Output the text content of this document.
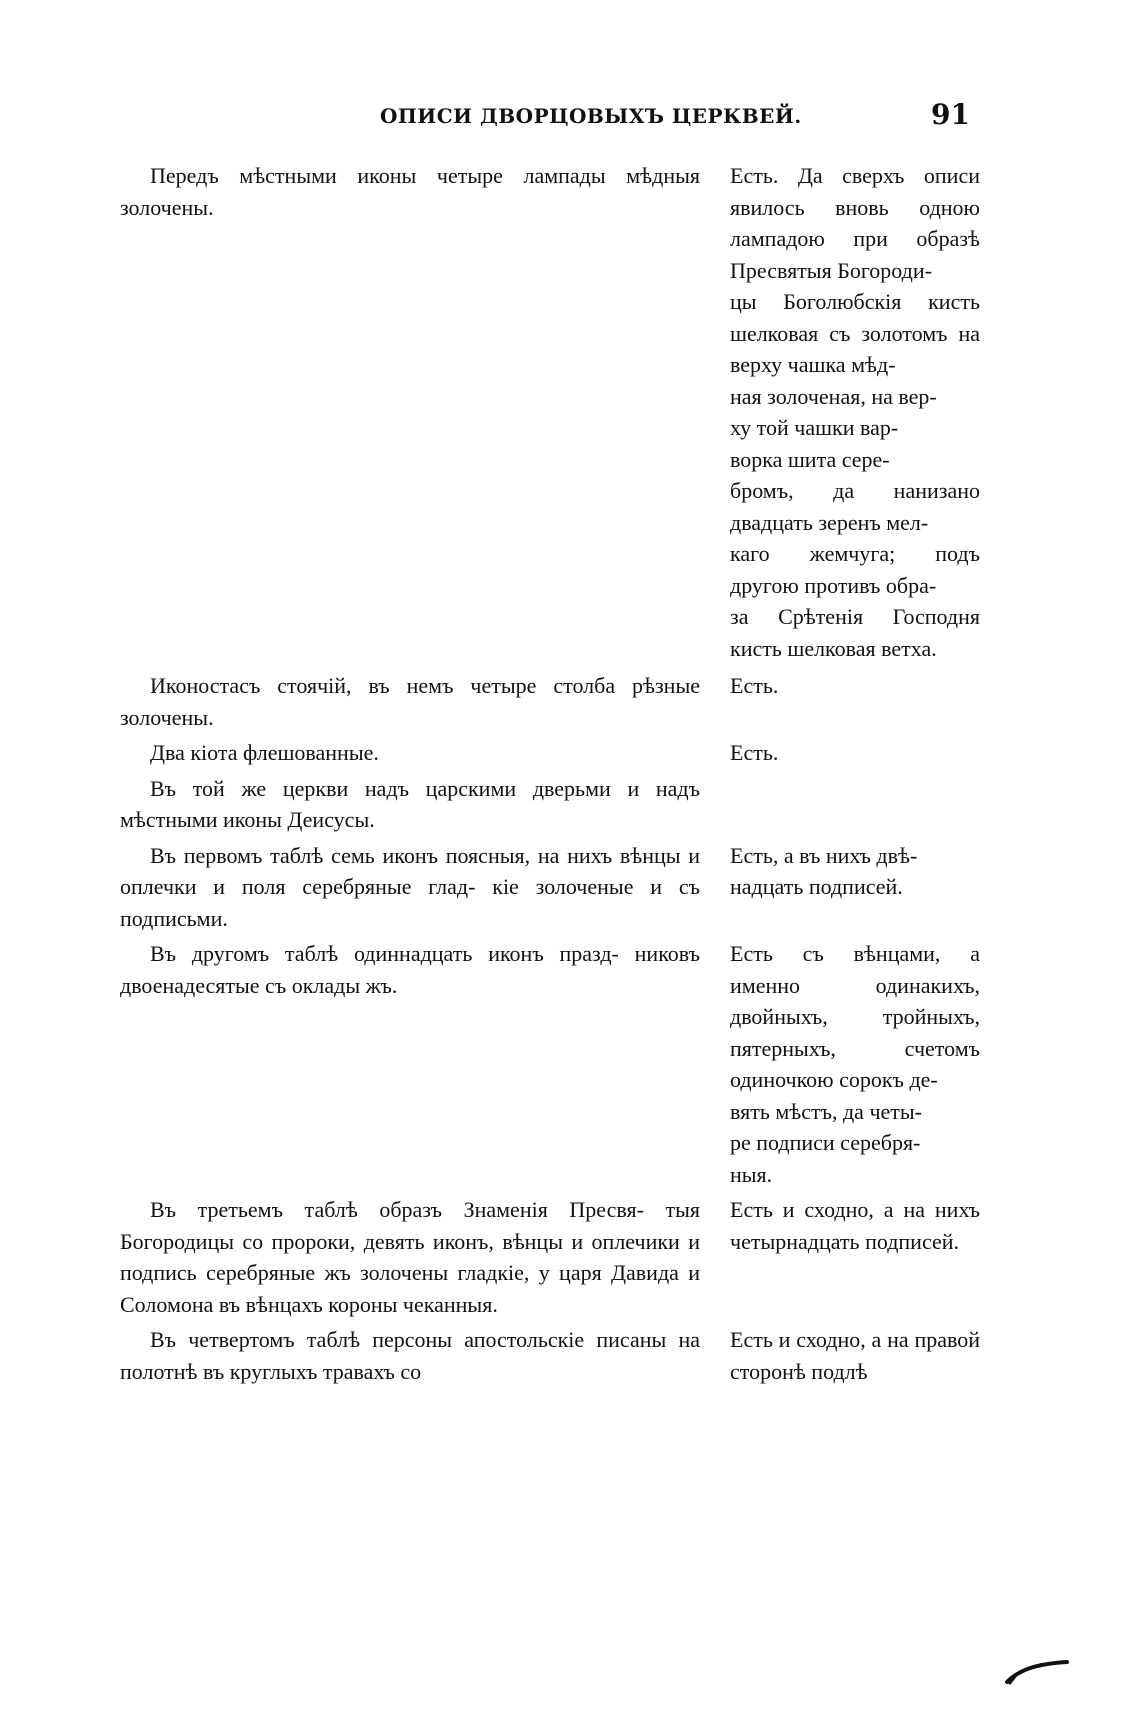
ОПИСИ ДВОРЦОВЫХЪ ЦЕРКВЕЙ.	91
Передъ мѣстными иконы четыре лампады мѣдныя золочены.
Есть. Да сверхъ описи явилось вновь одною лампадою при образѣ Пресвятыя Богороди-
цы Боголюбскія кисть шелковая съ золотомъ на верху чашка мѣд-
ная золоченая, на вер-
ху той чашки вар-
ворка шита сере-
бромъ, да нанизано двадцать зеренъ мел-
каго жемчуга; подъ другою противъ обра-
за Срѣтенія Господня кисть шелковая ветха.
Иконостасъ стоячій, въ немъ четыре столба рѣзные золочены.
Есть.
Два кіота флешованные.	Есть.
Въ той же церкви надъ царскими дверьми и надъ мѣстными иконы Деисусы.
Въ первомъ таблѣ семь иконъ поясныя, на нихъ вѣнцы и оплечки и поля серебряные глад- кіе золоченые и съ подписьми.
Есть, а въ нихъ двѣ-
надцать подписей.
Въ другомъ таблѣ одиннадцать иконъ празд- никовъ двоенадесятые съ оклады жъ.
Есть съ вѣнцами, а именно одинакихъ, двойныхъ, тройныхъ, пятерныхъ, счетомъ одиночкою сорокъ де-
вять мѣстъ, да четы-
ре подписи серебря-
ныя.
Въ третьемъ таблѣ образъ Знаменія Пресвя- тыя Богородицы со пророки, девять иконъ, вѣнцы и оплечики и подпись серебряные жъ золочены гладкіе, у царя Давида и Соломона въ вѣнцахъ короны чеканныя.
Есть и сходно, а на нихъ четырнадцать подписей.
Въ четвертомъ таблѣ персоны апостольскіе писаны на полотнѣ въ круглыхъ травахъ со
Есть и сходно, а на правой сторонѣ подлѣ
